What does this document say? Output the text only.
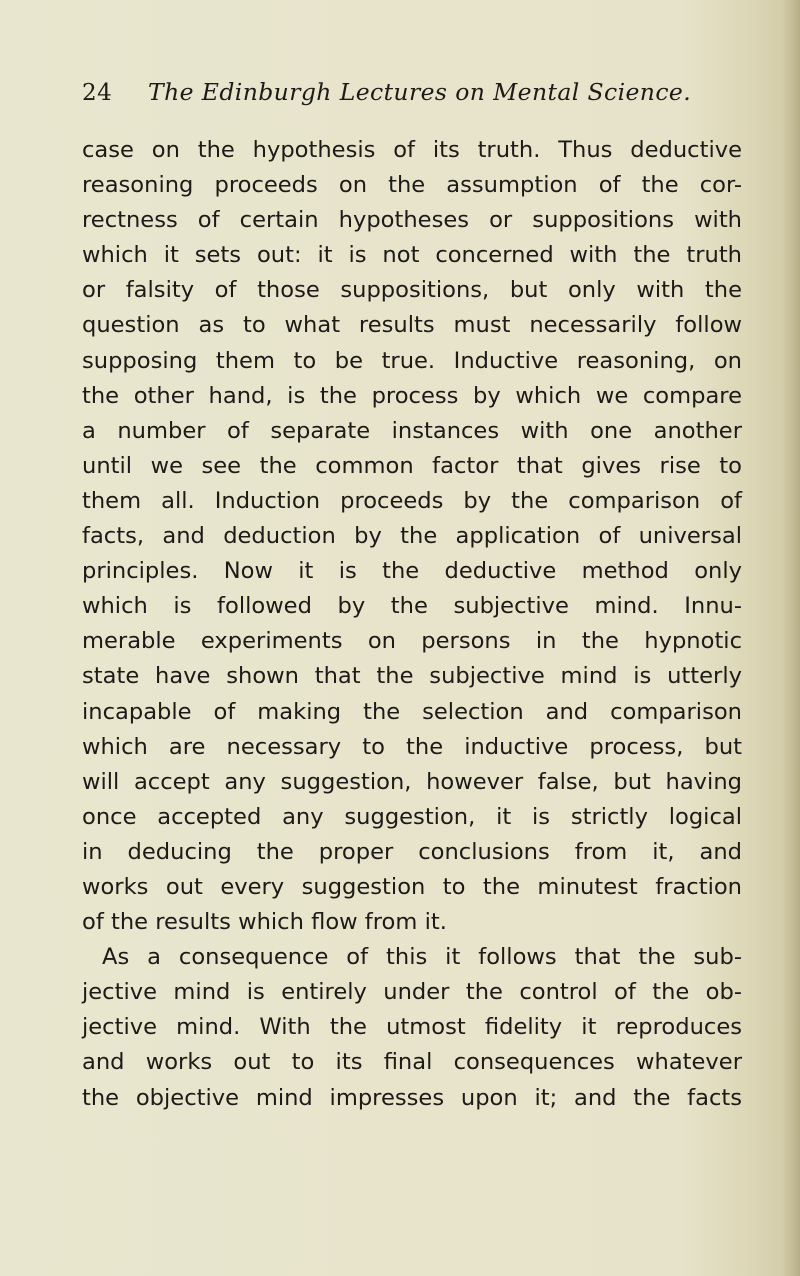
24 The Edinburgh Lectures on Mental Science.
case on the hypothesis of its truth. Thus deductive
reasoning proceeds on the assumption of the cor-
rectness of certain hypotheses or suppositions with
which it sets out: it is not concerned with the truth
or falsity of those suppositions, but only with the
question as to what results must necessarily follow
supposing them to be true. Inductive reasoning, on
the other hand, is the process by which we compare
a number of separate instances with one another
until we see the common factor that gives rise to
them all. Induction proceeds by the comparison of
facts, and deduction by the application of universal
principles. Now it is the deductive method only
which is followed by the subjective mind. Innu-
merable experiments on persons in the hypnotic
state have shown that the subjective mind is utterly
incapable of making the selection and comparison
which are necessary to the inductive process, but
will accept any suggestion, however false, but having
once accepted any suggestion, it is strictly logical
in deducing the proper conclusions from it, and
works out every suggestion to the minutest fraction
of the results which flow from it.
As a consequence of this it follows that the sub-
jective mind is entirely under the control of the ob-
jective mind. With the utmost fidelity it reproduces
and works out to its final consequences whatever
the objective mind impresses upon it; and the facts
